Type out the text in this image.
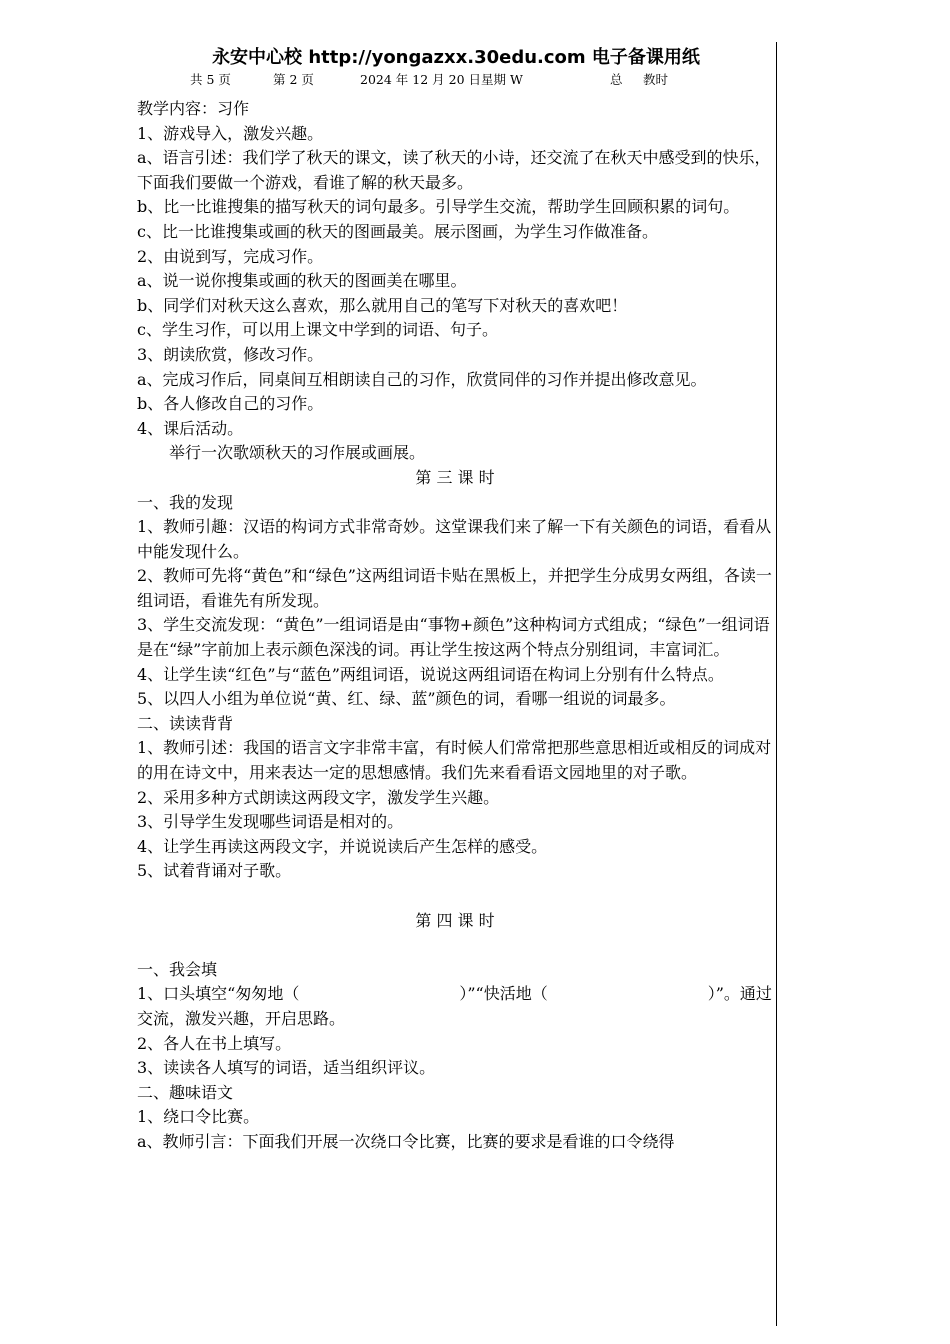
永安中心校 http://yongazxx.30edu.com 电子备课用纸
共 5 页	第 2 页	2024 年 12 月 20 日星期 W	总 教时

教学内容：习作

1、游戏导入，激发兴趣。

a、语言引述：我们学了秋天的课文，读了秋天的小诗，还交流了在秋天中感受到的快乐，下面我们要做一个游戏，看谁了解的秋天最多。

b、比一比谁搜集的描写秋天的词句最多。引导学生交流，帮助学生回顾积累的词句。

c、比一比谁搜集或画的秋天的图画最美。展示图画，为学生习作做准备。

2、由说到写，完成习作。

a、说一说你搜集或画的秋天的图画美在哪里。

b、同学们对秋天这么喜欢，那么就用自己的笔写下对秋天的喜欢吧！

c、学生习作，可以用上课文中学到的词语、句子。

3、朗读欣赏，修改习作。

a、完成习作后，同桌间互相朗读自己的习作，欣赏同伴的习作并提出修改意见。

b、各人修改自己的习作。

4、课后活动。

举行一次歌颂秋天的习作展或画展。

第 三 课 时

一、我的发现

1、教师引趣：汉语的构词方式非常奇妙。这堂课我们来了解一下有关颜色的词语，看看从中能发现什么。

2、教师可先将“黄色”和“绿色”这两组词语卡贴在黑板上，并把学生分成男女两组，各读一组词语，看谁先有所发现。

3、学生交流发现：“黄色”一组词语是由“事物+颜色”这种构词方式组成；“绿色”一组词语是在“绿”字前加上表示颜色深浅的词。再让学生按这两个特点分别组词，丰富词汇。

4、让学生读“红色”与“蓝色”两组词语，说说这两组词语在构词上分别有什么特点。

5、以四人小组为单位说“黄、红、绿、蓝”颜色的词，看哪一组说的词最多。

二、读读背背

1、教师引述：我国的语言文字非常丰富，有时候人们常常把那些意思相近或相反的词成对的用在诗文中，用来表达一定的思想感情。我们先来看看语文园地里的对子歌。

2、采用多种方式朗读这两段文字，激发学生兴趣。

3、引导学生发现哪些词语是相对的。

4、让学生再读这两段文字，并说说读后产生怎样的感受。

5、试着背诵对子歌。

第 四 课 时

一、我会填

1、口头填空“匆匆地（　　　　　　　　　　）”“快活地（　　　　　　　　　　）”。通过交流，激发兴趣，开启思路。

2、各人在书上填写。

3、读读各人填写的词语，适当组织评议。

二、趣味语文

1、绕口令比赛。

a、教师引言：下面我们开展一次绕口令比赛，比赛的要求是看谁的口令绕得
